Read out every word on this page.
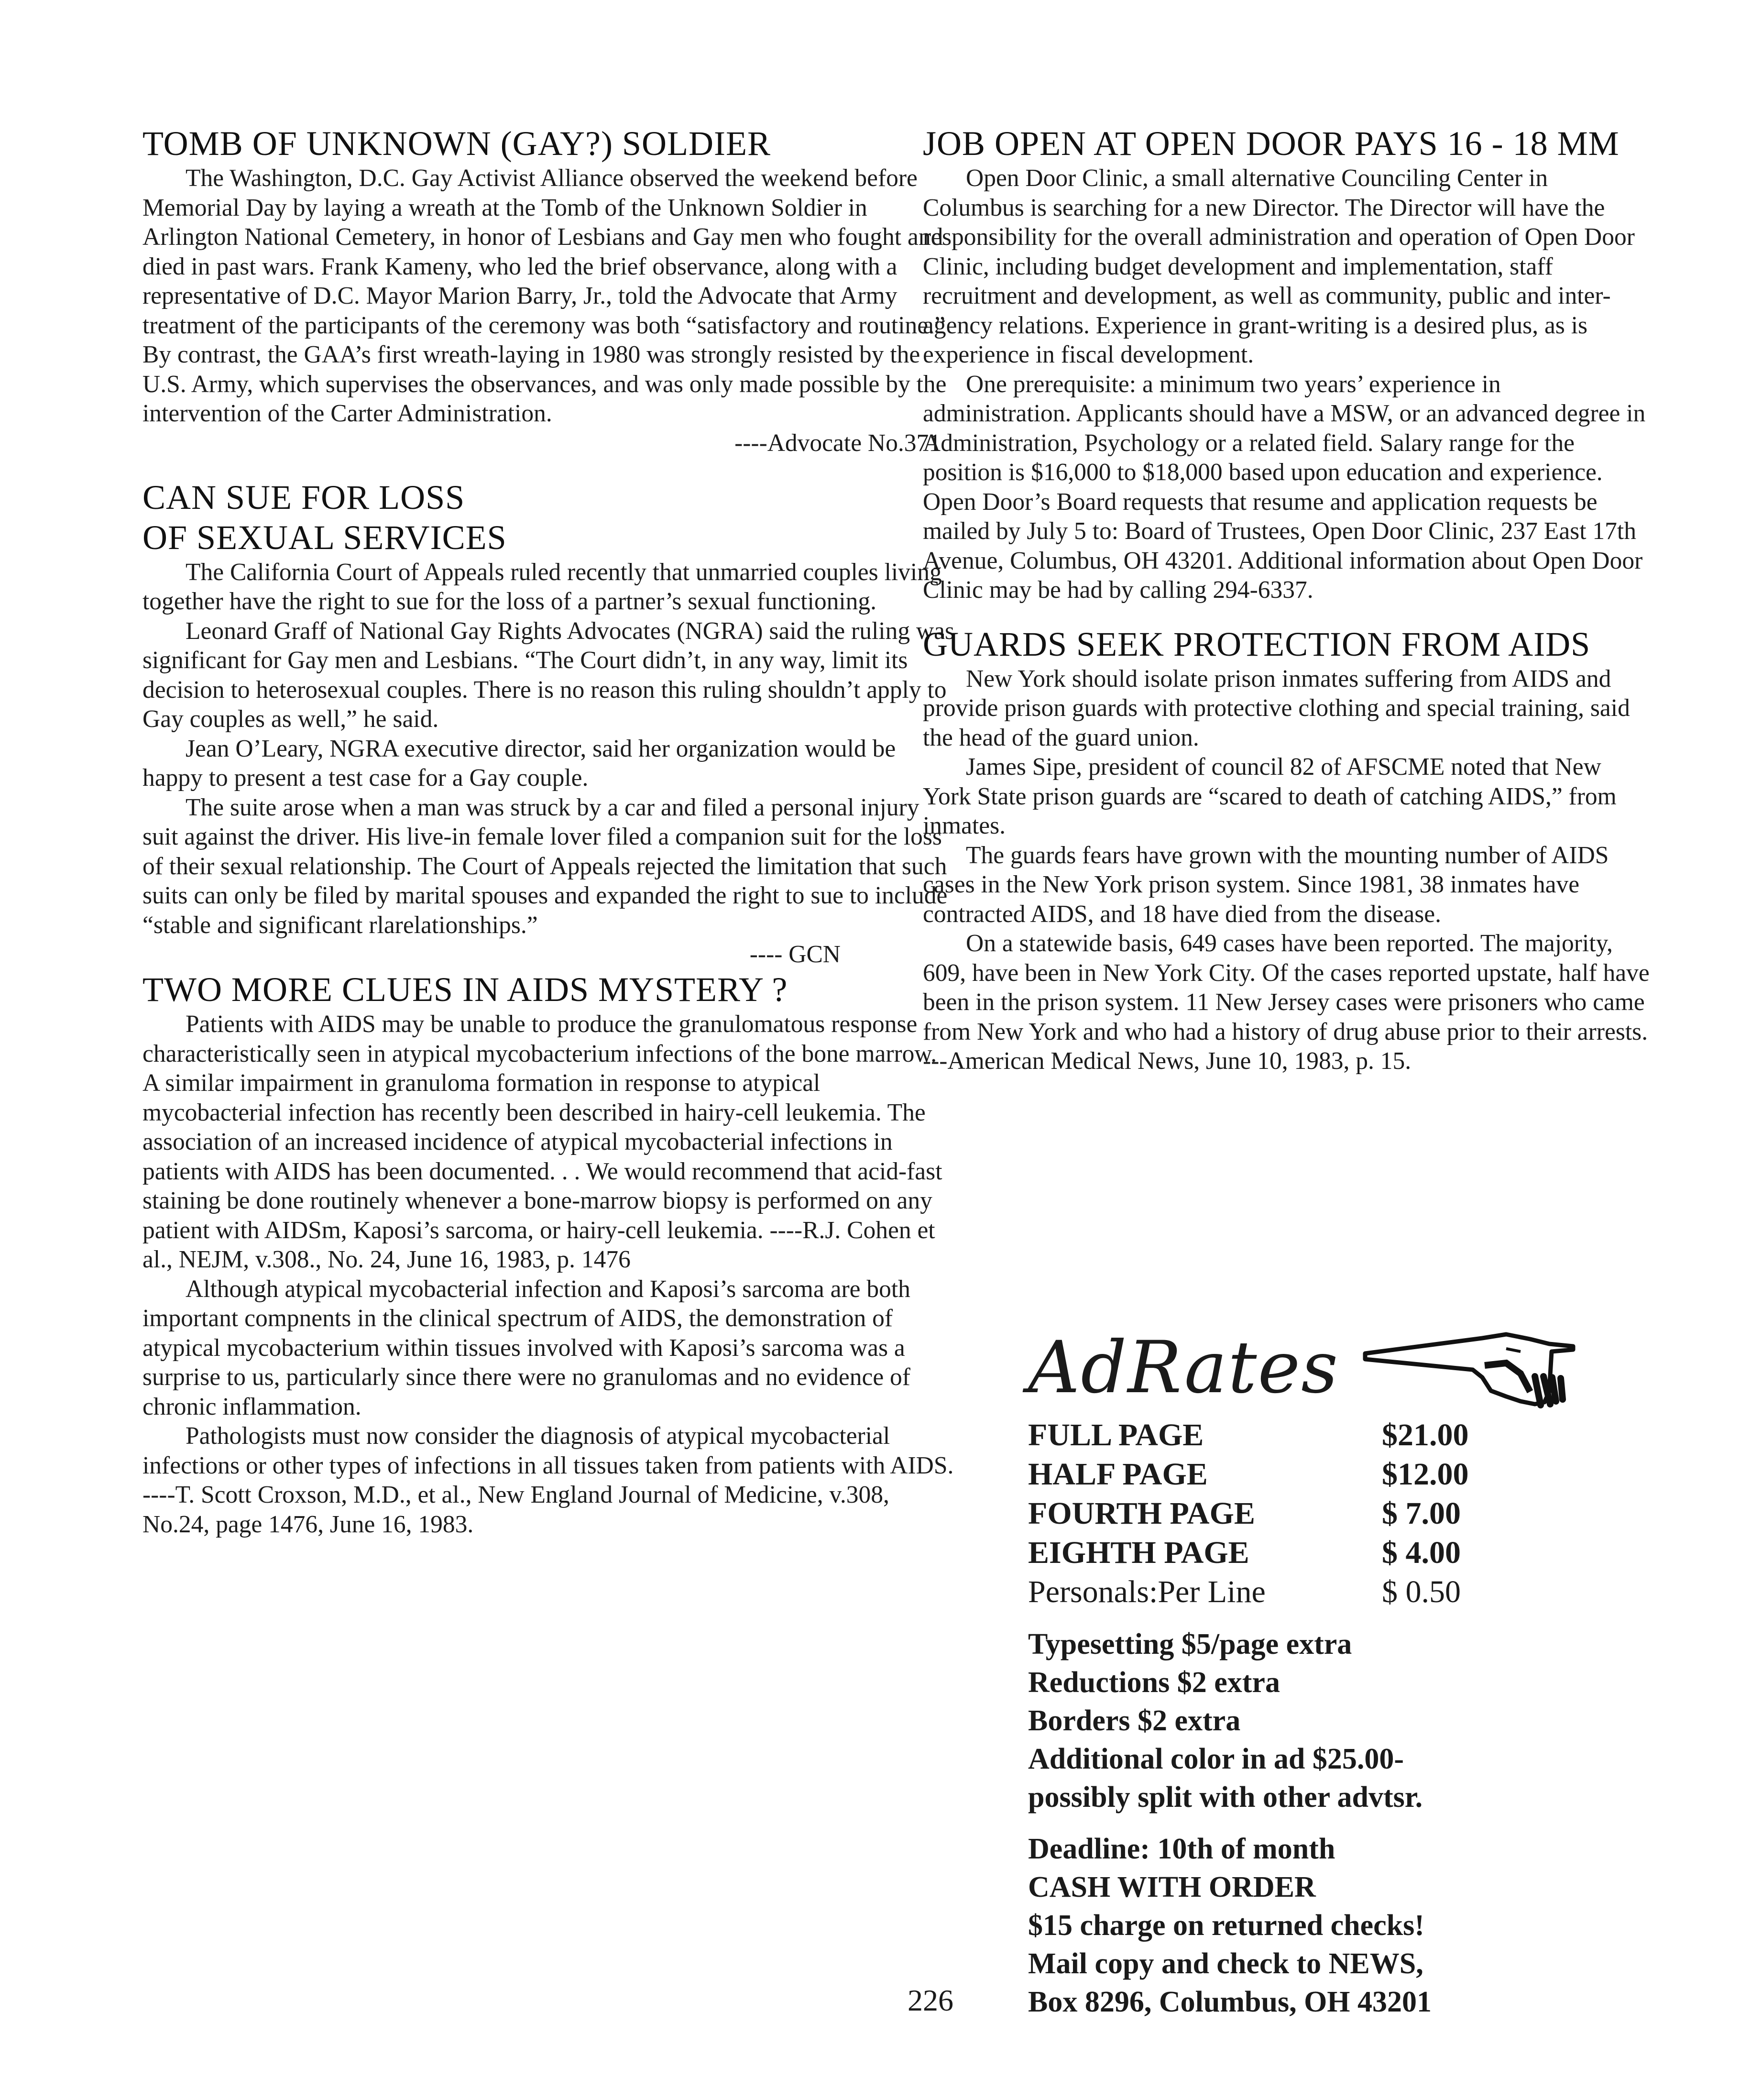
TOMB OF UNKNOWN (GAY?) SOLDIER

The Washington, D.C. Gay Activist Alliance observed the weekend before Memorial Day by laying a wreath at the Tomb of the Unknown Soldier in Arlington National Cemetery, in honor of Lesbians and Gay men who fought and died in past wars. Frank Kameny, who led the brief observance, along with a representative of D.C. Mayor Marion Barry, Jr., told the Advocate that Army treatment of the participants of the ceremony was both “satisfactory and routine.” By contrast, the GAA’s first wreath-laying in 1980 was strongly resisted by the U.S. Army, which supervises the observances, and was only made possible by the intervention of the Carter Administration.

----Advocate No.371

CAN SUE FOR LOSS
OF SEXUAL SERVICES

The California Court of Appeals ruled recently that unmarried couples living together have the right to sue for the loss of a partner’s sexual functioning.

Leonard Graff of National Gay Rights Advocates (NGRA) said the ruling was significant for Gay men and Lesbians. “The Court didn’t, in any way, limit its decision to heterosexual couples. There is no reason this ruling shouldn’t apply to Gay couples as well,” he said.

Jean O’Leary, NGRA executive director, said her organization would be happy to present a test case for a Gay couple.

The suite arose when a man was struck by a car and filed a personal injury suit against the driver. His live-in female lover filed a companion suit for the loss of their sexual relationship. The Court of Appeals rejected the limitation that such suits can only be filed by marital spouses and expanded the right to sue to include “stable and significant rlarelationships.”

---- GCN

TWO MORE CLUES IN AIDS MYSTERY ?

Patients with AIDS may be unable to produce the granulomatous response characteristically seen in atypical mycobacterium infections of the bone marrow. A similar impairment in granuloma formation in response to atypical mycobacterial infection has recently been described in hairy-cell leukemia. The association of an increased incidence of atypical mycobacterial infections in patients with AIDS has been documented. . . We would recommend that acid-fast staining be done routinely whenever a bone-marrow biopsy is performed on any patient with AIDSm, Kaposi’s sarcoma, or hairy-cell leukemia. ----R.J. Cohen et al., NEJM, v.308., No. 24, June 16, 1983, p. 1476

Although atypical mycobacterial infection and Kaposi’s sarcoma are both important compnents in the clinical spectrum of AIDS, the demonstration of atypical mycobacterium within tissues involved with Kaposi’s sarcoma was a surprise to us, particularly since there were no granulomas and no evidence of chronic inflammation.

Pathologists must now consider the diagnosis of atypical mycobacterial infections or other types of infections in all tissues taken from patients with AIDS. ----T. Scott Croxson, M.D., et al., New England Journal of Medicine, v.308, No.24, page 1476, June 16, 1983.

JOB OPEN AT OPEN DOOR PAYS 16 - 18 MM

Open Door Clinic, a small alternative Counciling Center in Columbus is searching for a new Director. The Director will have the responsibility for the overall administration and operation of Open Door Clinic, including budget development and implementation, staff recruitment and development, as well as community, public and inter-agency relations. Experience in grant-writing is a desired plus, as is experience in fiscal development.

One prerequisite: a minimum two years’ experience in administration. Applicants should have a MSW, or an advanced degree in Administration, Psychology or a related field. Salary range for the position is $16,000 to $18,000 based upon education and experience.

Open Door’s Board requests that resume and application requests be mailed by July 5 to: Board of Trustees, Open Door Clinic, 237 East 17th Avenue, Columbus, OH 43201. Additional information about Open Door Clinic may be had by calling 294-6337.

GUARDS SEEK PROTECTION FROM AIDS

New York should isolate prison inmates suffering from AIDS and provide prison guards with protective clothing and special training, said the head of the guard union.

James Sipe, president of council 82 of AFSCME noted that New York State prison guards are “scared to death of catching AIDS,” from inmates.

The guards fears have grown with the mounting number of AIDS cases in the New York prison system. Since 1981, 38 inmates have contracted AIDS, and 18 have died from the disease.

On a statewide basis, 649 cases have been reported. The majority, 609, have been in New York City. Of the cases reported upstate, half have been in the prison system. 11 New Jersey cases were prisoners who came from New York and who had a history of drug abuse prior to their arrests.

---American Medical News, June 10, 1983, p. 15.

AdRates
FULL PAGE	$21.00
HALF PAGE	$12.00
FOURTH PAGE	$ 7.00
EIGHTH PAGE	$ 4.00
Personals:Per Line	$ 0.50

Typesetting $5/page extra

Reductions $2 extra

Borders $2 extra

Additional color in ad $25.00-

possibly split with other advtsr.

Deadline: 10th of month

CASH WITH ORDER

$15 charge on returned checks!

Mail copy and check to NEWS,

Box 8296, Columbus, OH 43201

226
